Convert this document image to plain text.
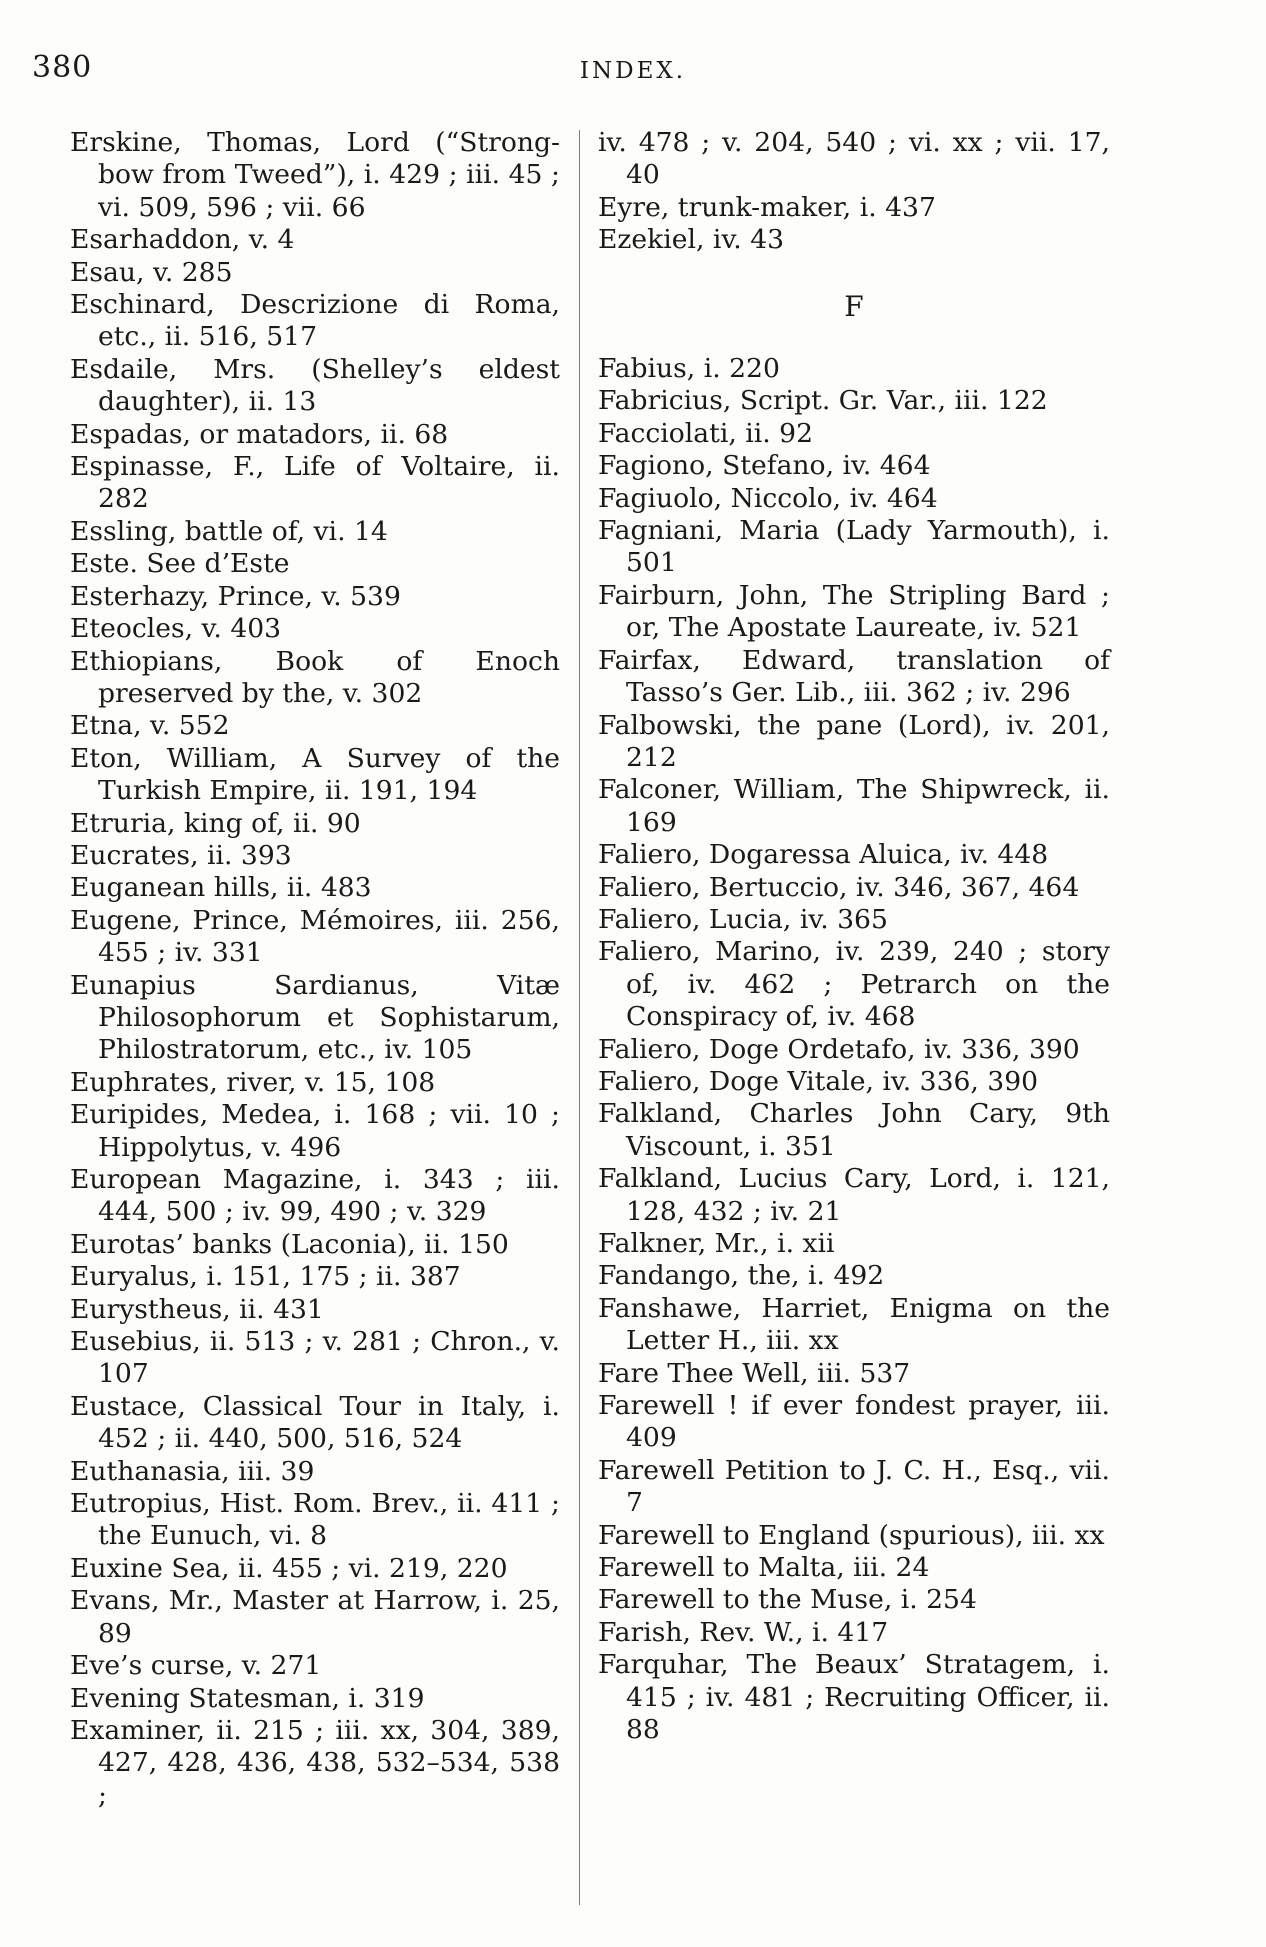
380	INDEX.

Erskine, Thomas, Lord (“Strong-bow from Tweed”), i. 429 ; iii. 45 ; vi. 509, 596 ; vii. 66

Esarhaddon, v. 4

Esau, v. 285

Eschinard, Descrizione di Roma, etc., ii. 516, 517

Esdaile, Mrs. (Shelley’s eldest daughter), ii. 13

Espadas, or matadors, ii. 68

Espinasse, F., Life of Voltaire, ii. 282

Essling, battle of, vi. 14

Este. See d’Este

Esterhazy, Prince, v. 539

Eteocles, v. 403

Ethiopians, Book of Enoch preserved by the, v. 302

Etna, v. 552

Eton, William, A Survey of the Turkish Empire, ii. 191, 194

Etruria, king of, ii. 90

Eucrates, ii. 393

Euganean hills, ii. 483

Eugene, Prince, Mémoires, iii. 256, 455 ; iv. 331

Eunapius Sardianus, Vitæ Philosophorum et Sophistarum, Philostratorum, etc., iv. 105

Euphrates, river, v. 15, 108

Euripides, Medea, i. 168 ; vii. 10 ; Hippolytus, v. 496

European Magazine, i. 343 ; iii. 444, 500 ; iv. 99, 490 ; v. 329

Eurotas’ banks (Laconia), ii. 150

Euryalus, i. 151, 175 ; ii. 387

Eurystheus, ii. 431

Eusebius, ii. 513 ; v. 281 ; Chron., v. 107

Eustace, Classical Tour in Italy, i. 452 ; ii. 440, 500, 516, 524

Euthanasia, iii. 39

Eutropius, Hist. Rom. Brev., ii. 411 ; the Eunuch, vi. 8

Euxine Sea, ii. 455 ; vi. 219, 220

Evans, Mr., Master at Harrow, i. 25, 89

Eve’s curse, v. 271

Evening Statesman, i. 319

Examiner, ii. 215 ; iii. xx, 304, 389, 427, 428, 436, 438, 532–534, 538 ;

iv. 478 ; v. 204, 540 ; vi. xx ; vii. 17, 40

Eyre, trunk-maker, i. 437

Ezekiel, iv. 43

F

Fabius, i. 220

Fabricius, Script. Gr. Var., iii. 122

Facciolati, ii. 92

Fagiono, Stefano, iv. 464

Fagiuolo, Niccolo, iv. 464

Fagniani, Maria (Lady Yarmouth), i. 501

Fairburn, John, The Stripling Bard ; or, The Apostate Laureate, iv. 521

Fairfax, Edward, translation of Tasso’s Ger. Lib., iii. 362 ; iv. 296

Falbowski, the pane (Lord), iv. 201, 212

Falconer, William, The Shipwreck, ii. 169

Faliero, Dogaressa Aluica, iv. 448

Faliero, Bertuccio, iv. 346, 367, 464

Faliero, Lucia, iv. 365

Faliero, Marino, iv. 239, 240 ; story of, iv. 462 ; Petrarch on the Conspiracy of, iv. 468

Faliero, Doge Ordetafo, iv. 336, 390

Faliero, Doge Vitale, iv. 336, 390

Falkland, Charles John Cary, 9th Viscount, i. 351

Falkland, Lucius Cary, Lord, i. 121, 128, 432 ; iv. 21

Falkner, Mr., i. xii

Fandango, the, i. 492

Fanshawe, Harriet, Enigma on the Letter H., iii. xx

Fare Thee Well, iii. 537

Farewell ! if ever fondest prayer, iii. 409

Farewell Petition to J. C. H., Esq., vii. 7

Farewell to England (spurious), iii. xx

Farewell to Malta, iii. 24

Farewell to the Muse, i. 254

Farish, Rev. W., i. 417

Farquhar, The Beaux’ Stratagem, i. 415 ; iv. 481 ; Recruiting Officer, ii. 88
